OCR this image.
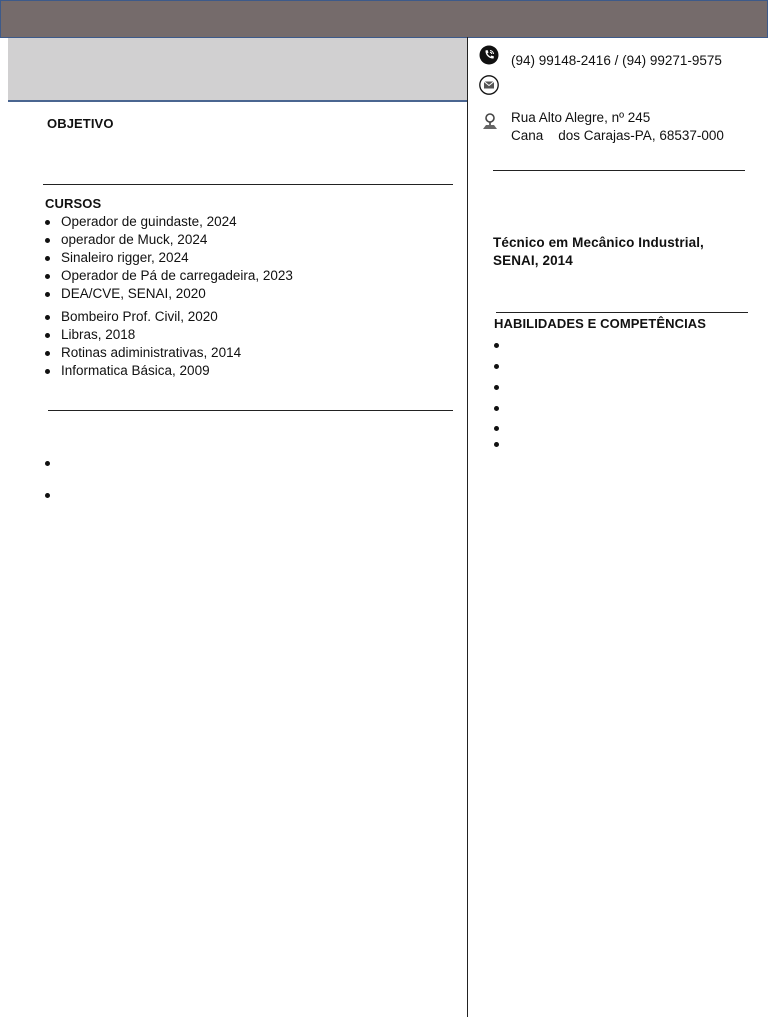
OBJETIVO
CURSOS
Operador de guindaste, 2024
operador de Muck, 2024
Sinaleiro rigger, 2024
Operador de Pá de carregadeira, 2023
DEA/CVE, SENAI, 2020
Bombeiro Prof. Civil, 2020
Libras, 2018
Rotinas adiministrativas, 2014
Informatica Básica, 2009
(94) 99148-2416 / (94) 99271-9575
Rua Alto Alegre, nº 245
Cana    dos Carajas-PA, 68537-000
Técnico em Mecânico Industrial,
SENAI, 2014
HABILIDADES E COMPETÊNCIAS
